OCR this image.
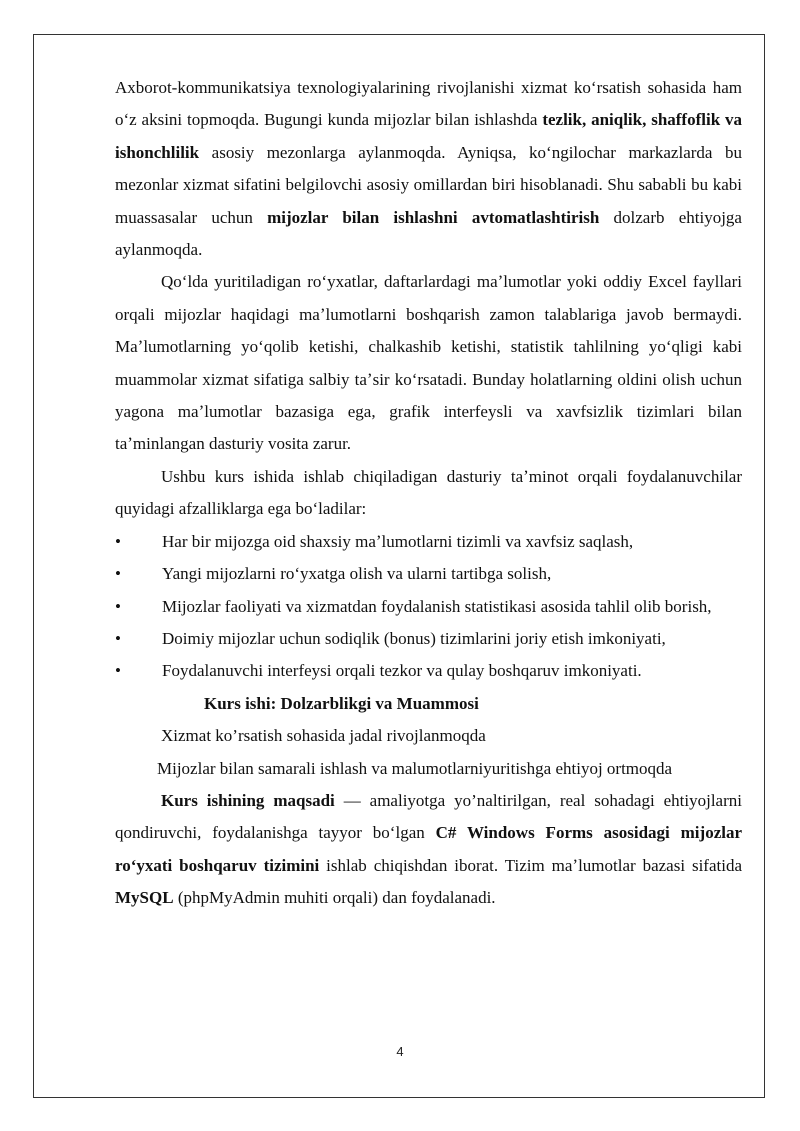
Axborot-kommunikatsiya texnologiyalarining rivojlanishi xizmat koʻrsatish sohasida ham oʻz aksini topmoqda. Bugungi kunda mijozlar bilan ishlashda tezlik, aniqlik, shaffoflik va ishonchlilik asosiy mezonlarga aylanmoqda. Ayniqsa, koʻngilochar markazlarda bu mezonlar xizmat sifatini belgilovchi asosiy omillardan biri hisoblanadi. Shu sababli bu kabi muassasalar uchun mijozlar bilan ishlashni avtomatlashtirish dolzarb ehtiyojga aylanmoqda.

Qoʻlda yuritiladigan roʻyxatlar, daftarlardagi maʼlumotlar yoki oddiy Excel fayllari orqali mijozlar haqidagi maʼlumotlarni boshqarish zamon talablariga javob bermaydi. Maʼlumotlarning yoʻqolib ketishi, chalkashib ketishi, statistik tahlilning yoʻqligi kabi muammolar xizmat sifatiga salbiy taʼsir koʻrsatadi. Bunday holatlarning oldini olish uchun yagona maʼlumotlar bazasiga ega, grafik interfeysli va xavfsizlik tizimlari bilan taʼminlangan dasturiy vosita zarur.

Ushbu kurs ishida ishlab chiqiladigan dasturiy taʼminot orqali foydalanuvchilar quyidagi afzalliklarga ega boʻladilar:

•	Har bir mijozga oid shaxsiy maʼlumotlarni tizimli va xavfsiz saqlash,

•	Yangi mijozlarni roʻyxatga olish va ularni tartibga solish,

•	Mijozlar faoliyati va xizmatdan foydalanish statistikasi asosida tahlil olib borish,

•	Doimiy mijozlar uchun sodiqlik (bonus) tizimlarini joriy etish imkoniyati,

•	Foydalanuvchi interfeysi orqali tezkor va qulay boshqaruv imkoniyati.

Kurs ishi: Dolzarblikgi va Muammosi

Xizmat ko’rsatish sohasida jadal rivojlanmoqda

Mijozlar bilan samarali ishlash va malumotlarniyuritishga ehtiyoj ortmoqda

Kurs ishining maqsadi — amaliyotga yo’naltirilgan, real sohadagi ehtiyojlarni qondiruvchi, foydalanishga tayyor boʻlgan C# Windows Forms asosidagi mijozlar roʻyxati boshqaruv tizimini ishlab chiqishdan iborat. Tizim maʼlumotlar bazasi sifatida MySQL (phpMyAdmin muhiti orqali) dan foydalanadi.

4
